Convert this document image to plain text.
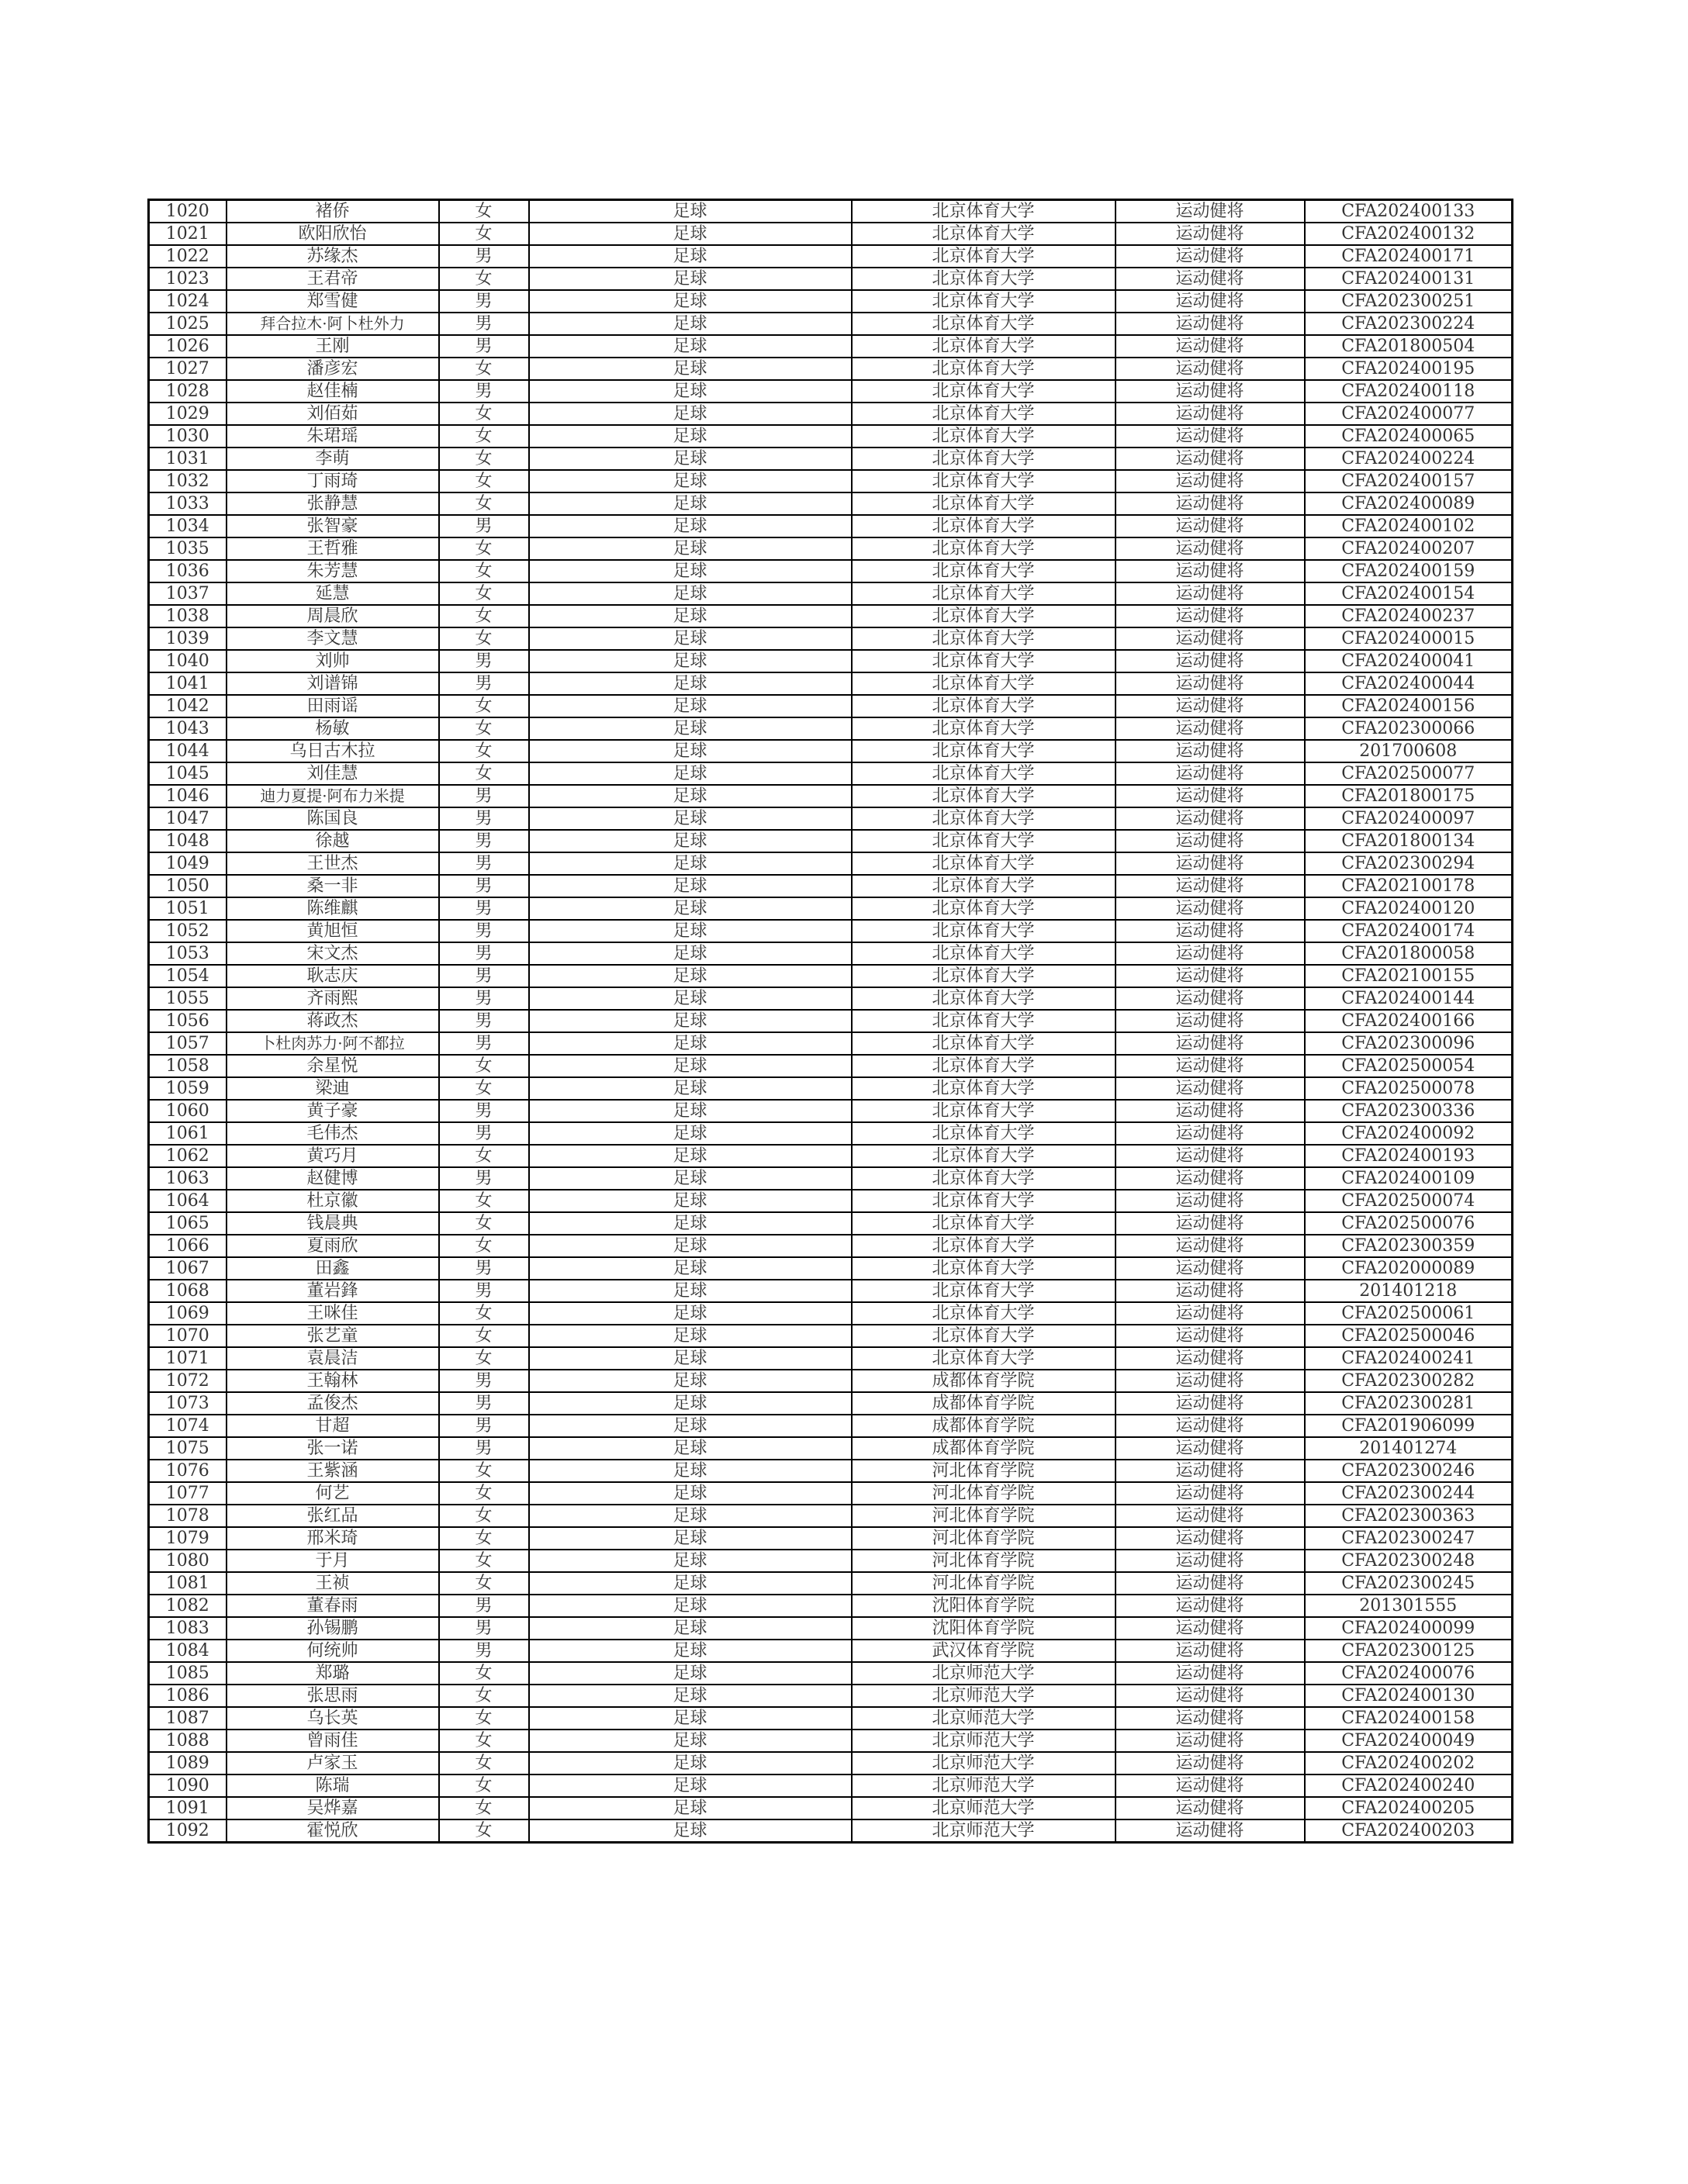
1020	褚侨	女	足球	北京体育大学	运动健将	CFA202400133
1021	欧阳欣怡	女	足球	北京体育大学	运动健将	CFA202400132
1022	苏缘杰	男	足球	北京体育大学	运动健将	CFA202400171
1023	王君帝	女	足球	北京体育大学	运动健将	CFA202400131
1024	郑雪健	男	足球	北京体育大学	运动健将	CFA202300251
1025	拜合拉木·阿卜杜外力	男	足球	北京体育大学	运动健将	CFA202300224
1026	王刚	男	足球	北京体育大学	运动健将	CFA201800504
1027	潘彦宏	女	足球	北京体育大学	运动健将	CFA202400195
1028	赵佳楠	男	足球	北京体育大学	运动健将	CFA202400118
1029	刘佰茹	女	足球	北京体育大学	运动健将	CFA202400077
1030	朱珺瑶	女	足球	北京体育大学	运动健将	CFA202400065
1031	李萌	女	足球	北京体育大学	运动健将	CFA202400224
1032	丁雨琦	女	足球	北京体育大学	运动健将	CFA202400157
1033	张静慧	女	足球	北京体育大学	运动健将	CFA202400089
1034	张智豪	男	足球	北京体育大学	运动健将	CFA202400102
1035	王哲雅	女	足球	北京体育大学	运动健将	CFA202400207
1036	朱芳慧	女	足球	北京体育大学	运动健将	CFA202400159
1037	延慧	女	足球	北京体育大学	运动健将	CFA202400154
1038	周晨欣	女	足球	北京体育大学	运动健将	CFA202400237
1039	李文慧	女	足球	北京体育大学	运动健将	CFA202400015
1040	刘帅	男	足球	北京体育大学	运动健将	CFA202400041
1041	刘谱锦	男	足球	北京体育大学	运动健将	CFA202400044
1042	田雨谣	女	足球	北京体育大学	运动健将	CFA202400156
1043	杨敏	女	足球	北京体育大学	运动健将	CFA202300066
1044	乌日古木拉	女	足球	北京体育大学	运动健将	201700608
1045	刘佳慧	女	足球	北京体育大学	运动健将	CFA202500077
1046	迪力夏提·阿布力米提	男	足球	北京体育大学	运动健将	CFA201800175
1047	陈国良	男	足球	北京体育大学	运动健将	CFA202400097
1048	徐越	男	足球	北京体育大学	运动健将	CFA201800134
1049	王世杰	男	足球	北京体育大学	运动健将	CFA202300294
1050	桑一非	男	足球	北京体育大学	运动健将	CFA202100178
1051	陈维麒	男	足球	北京体育大学	运动健将	CFA202400120
1052	黄旭恒	男	足球	北京体育大学	运动健将	CFA202400174
1053	宋文杰	男	足球	北京体育大学	运动健将	CFA201800058
1054	耿志庆	男	足球	北京体育大学	运动健将	CFA202100155
1055	齐雨熙	男	足球	北京体育大学	运动健将	CFA202400144
1056	蒋政杰	男	足球	北京体育大学	运动健将	CFA202400166
1057	卜杜肉苏力·阿不都拉	男	足球	北京体育大学	运动健将	CFA202300096
1058	余星悦	女	足球	北京体育大学	运动健将	CFA202500054
1059	梁迪	女	足球	北京体育大学	运动健将	CFA202500078
1060	黄子豪	男	足球	北京体育大学	运动健将	CFA202300336
1061	毛伟杰	男	足球	北京体育大学	运动健将	CFA202400092
1062	黄巧月	女	足球	北京体育大学	运动健将	CFA202400193
1063	赵健博	男	足球	北京体育大学	运动健将	CFA202400109
1064	杜京徽	女	足球	北京体育大学	运动健将	CFA202500074
1065	钱晨典	女	足球	北京体育大学	运动健将	CFA202500076
1066	夏雨欣	女	足球	北京体育大学	运动健将	CFA202300359
1067	田鑫	男	足球	北京体育大学	运动健将	CFA202000089
1068	董岩鋒	男	足球	北京体育大学	运动健将	201401218
1069	王咪佳	女	足球	北京体育大学	运动健将	CFA202500061
1070	张艺童	女	足球	北京体育大学	运动健将	CFA202500046
1071	袁晨洁	女	足球	北京体育大学	运动健将	CFA202400241
1072	王翰林	男	足球	成都体育学院	运动健将	CFA202300282
1073	孟俊杰	男	足球	成都体育学院	运动健将	CFA202300281
1074	甘超	男	足球	成都体育学院	运动健将	CFA201906099
1075	张一诺	男	足球	成都体育学院	运动健将	201401274
1076	王紫涵	女	足球	河北体育学院	运动健将	CFA202300246
1077	何艺	女	足球	河北体育学院	运动健将	CFA202300244
1078	张红品	女	足球	河北体育学院	运动健将	CFA202300363
1079	邢米琦	女	足球	河北体育学院	运动健将	CFA202300247
1080	于月	女	足球	河北体育学院	运动健将	CFA202300248
1081	王祯	女	足球	河北体育学院	运动健将	CFA202300245
1082	董春雨	男	足球	沈阳体育学院	运动健将	201301555
1083	孙锡鹏	男	足球	沈阳体育学院	运动健将	CFA202400099
1084	何统帅	男	足球	武汉体育学院	运动健将	CFA202300125
1085	郑璐	女	足球	北京师范大学	运动健将	CFA202400076
1086	张思雨	女	足球	北京师范大学	运动健将	CFA202400130
1087	乌长英	女	足球	北京师范大学	运动健将	CFA202400158
1088	曾雨佳	女	足球	北京师范大学	运动健将	CFA202400049
1089	卢家玉	女	足球	北京师范大学	运动健将	CFA202400202
1090	陈瑞	女	足球	北京师范大学	运动健将	CFA202400240
1091	吴烨嘉	女	足球	北京师范大学	运动健将	CFA202400205
1092	霍悦欣	女	足球	北京师范大学	运动健将	CFA202400203
